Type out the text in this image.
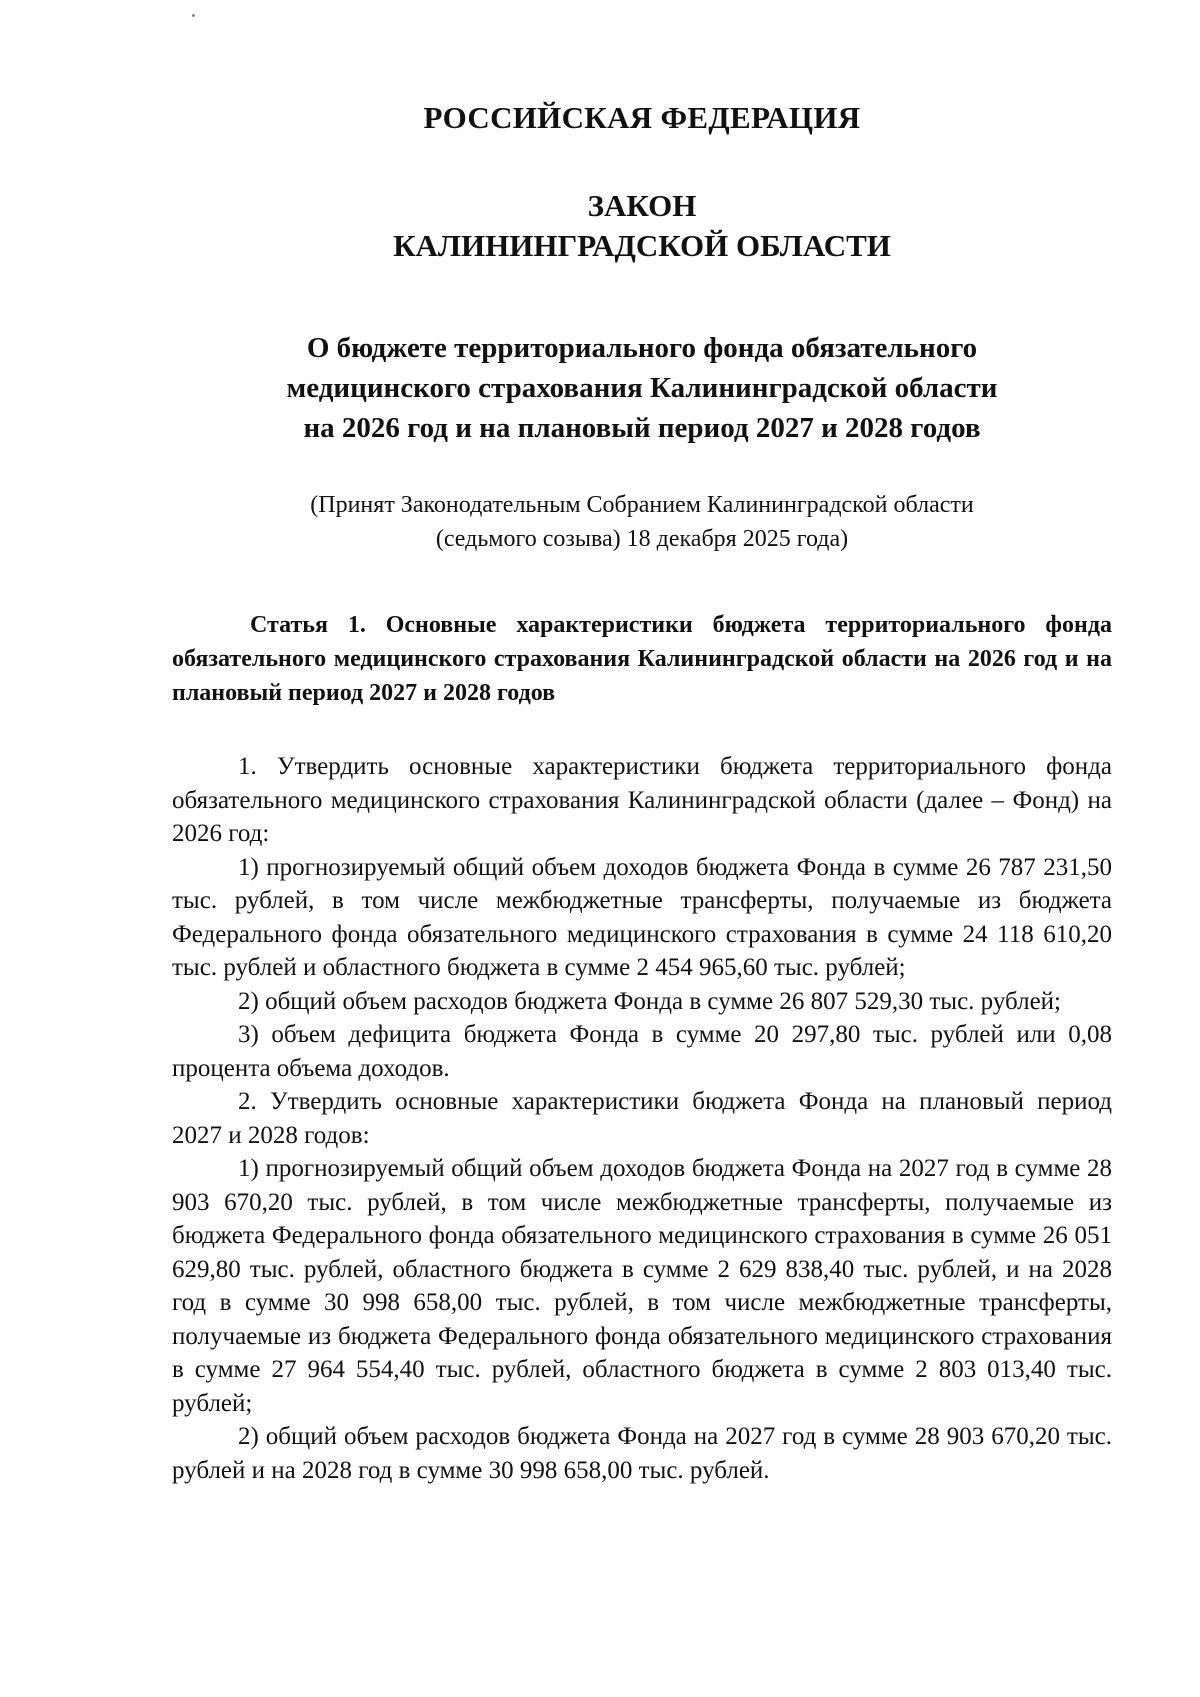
РОССИЙСКАЯ ФЕДЕРАЦИЯ
ЗАКОН
КАЛИНИНГРАДСКОЙ ОБЛАСТИ
О бюджете территориального фонда обязательного
медицинского страхования Калининградской области
на 2026 год и на плановый период 2027 и 2028 годов
(Принят Законодательным Собранием Калининградской области
(седьмого созыва) 18 декабря 2025 года)
Статья 1. Основные характеристики бюджета территориального фонда обязательного медицинского страхования Калининградской области на 2026 год и на плановый период 2027 и 2028 годов

1. Утвердить основные характеристики бюджета территориального фонда обязательного медицинского страхования Калининградской области (далее – Фонд) на 2026 год:

1) прогнозируемый общий объем доходов бюджета Фонда в сумме 26 787 231,50 тыс. рублей, в том числе межбюджетные трансферты, получаемые из бюджета Федерального фонда обязательного медицинского страхования в сумме 24 118 610,20 тыс. рублей и областного бюджета в сумме 2 454 965,60 тыс. рублей;

2) общий объем расходов бюджета Фонда в сумме 26 807 529,30 тыс. рублей;

3) объем дефицита бюджета Фонда в сумме 20 297,80 тыс. рублей или 0,08 процента объема доходов.

2. Утвердить основные характеристики бюджета Фонда на плановый период 2027 и 2028 годов:

1) прогнозируемый общий объем доходов бюджета Фонда на 2027 год в сумме 28 903 670,20 тыс. рублей, в том числе межбюджетные трансферты, получаемые из бюджета Федерального фонда обязательного медицинского страхования в сумме 26 051 629,80 тыс. рублей, областного бюджета в сумме 2 629 838,40 тыс. рублей, и на 2028 год в сумме 30 998 658,00 тыс. рублей, в том числе межбюджетные трансферты, получаемые из бюджета Федерального фонда обязательного медицинского страхования в сумме 27 964 554,40 тыс. рублей, областного бюджета в сумме 2 803 013,40 тыс. рублей;

2) общий объем расходов бюджета Фонда на 2027 год в сумме 28 903 670,20 тыс. рублей и на 2028 год в сумме 30 998 658,00 тыс. рублей.
